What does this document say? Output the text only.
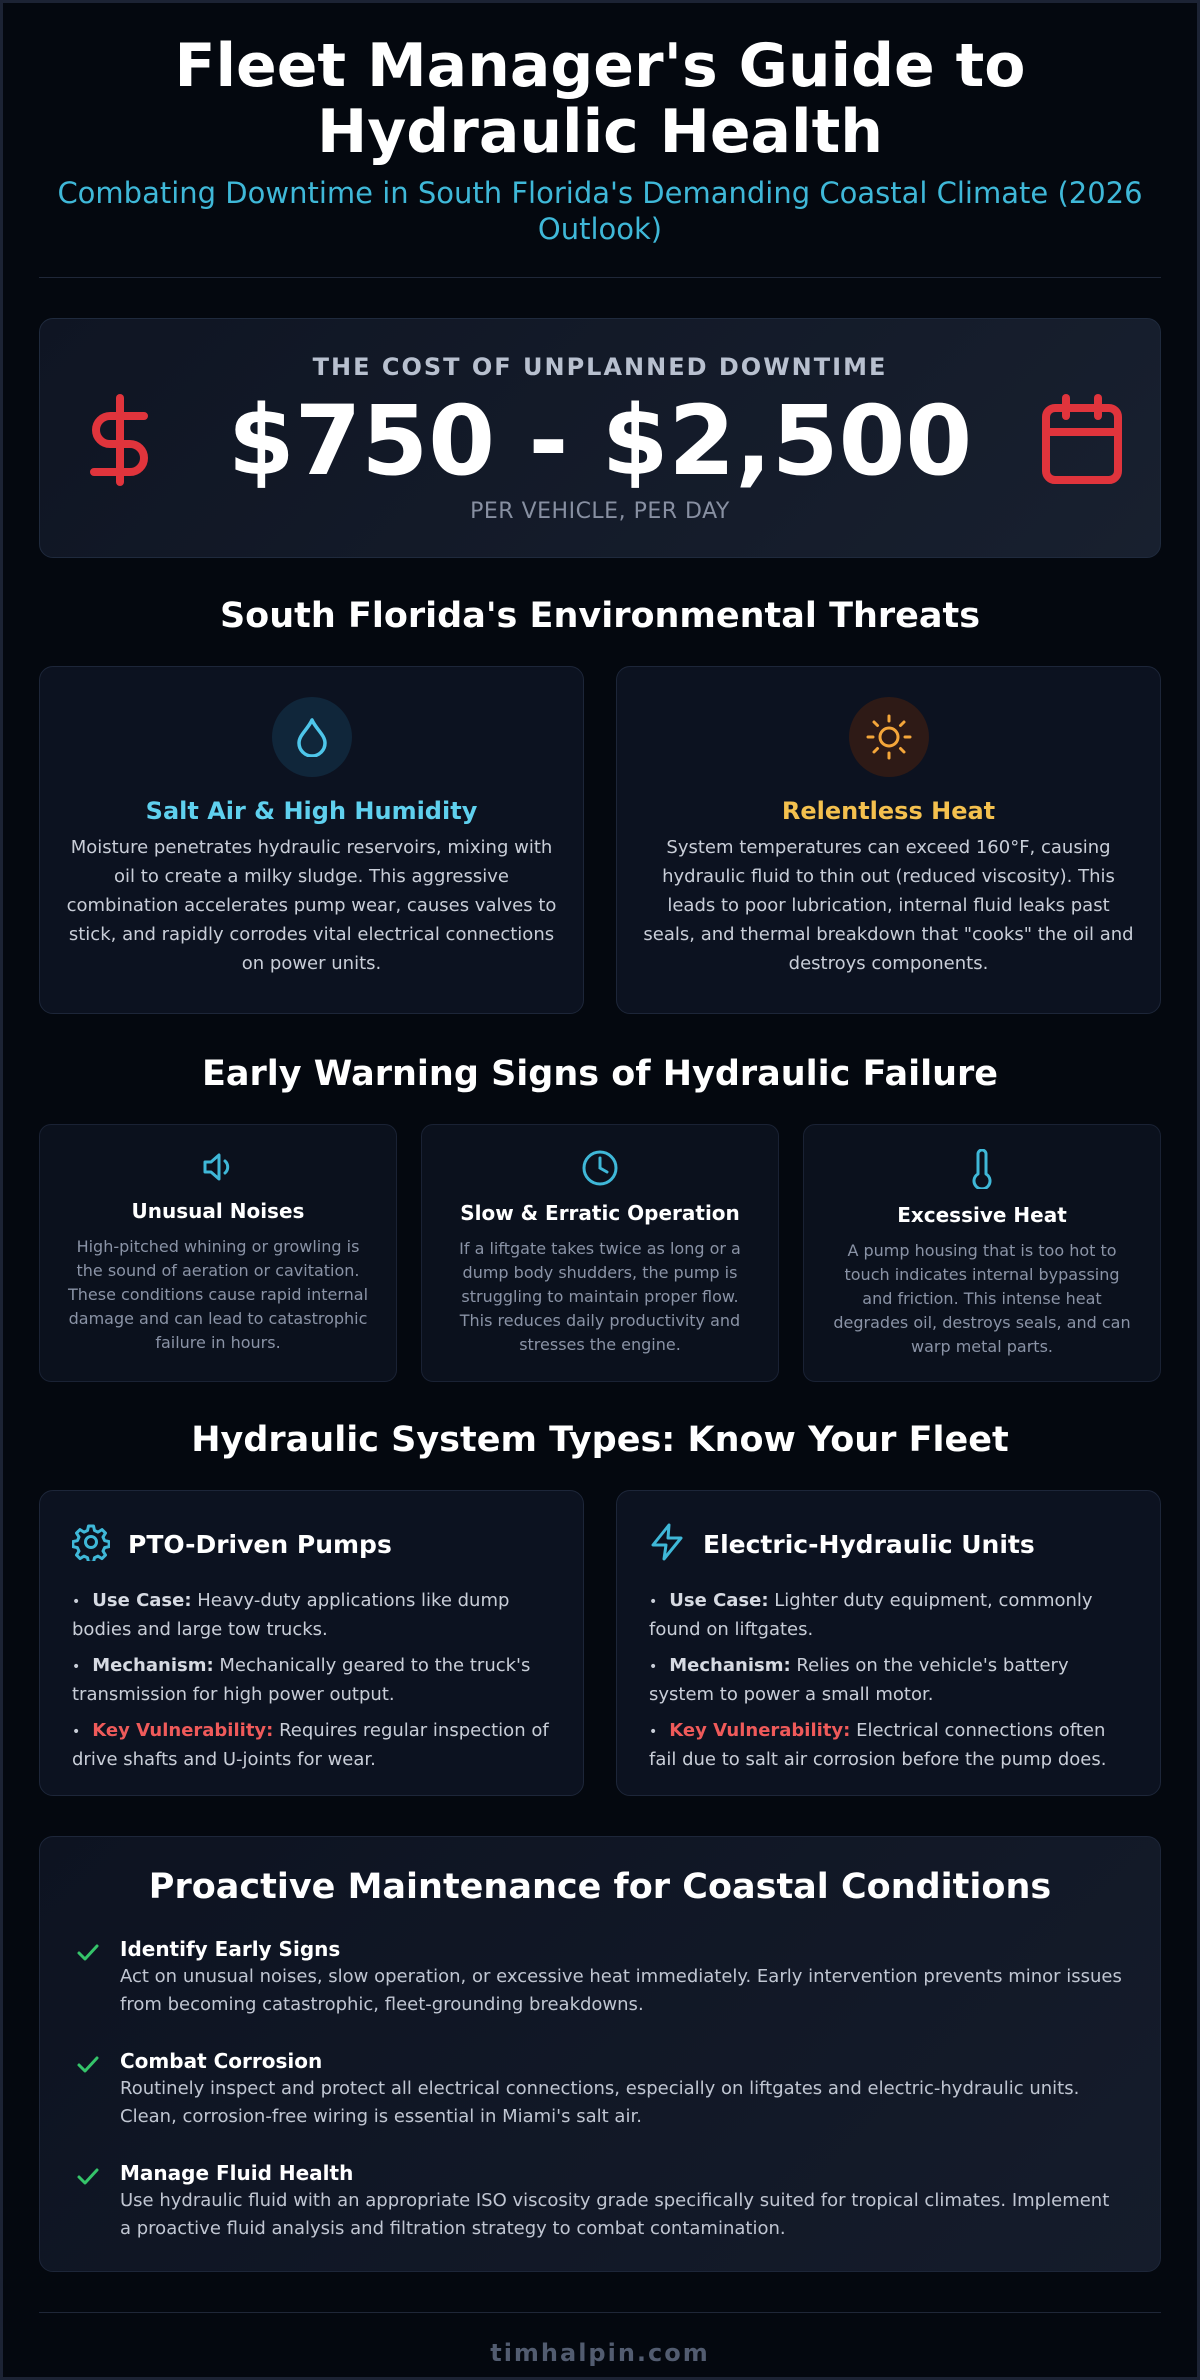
Fleet Manager's Guide to Hydraulic Health
Combating Downtime in South Florida's Demanding Coastal Climate (2026 Outlook)
THE COST OF UNPLANNED DOWNTIME
$750 - $2,500
PER VEHICLE, PER DAY
South Florida's Environmental Threats
Salt Air & High Humidity
Moisture penetrates hydraulic reservoirs, mixing with oil to create a milky sludge. This aggressive combination accelerates pump wear, causes valves to stick, and rapidly corrodes vital electrical connections on power units.
Relentless Heat
System temperatures can exceed 160°F, causing hydraulic fluid to thin out (reduced viscosity). This leads to poor lubrication, internal fluid leaks past seals, and thermal breakdown that "cooks" the oil and destroys components.
Early Warning Signs of Hydraulic Failure
Unusual Noises
High-pitched whining or growling is the sound of aeration or cavitation. These conditions cause rapid internal damage and can lead to catastrophic failure in hours.
Slow & Erratic Operation
If a liftgate takes twice as long or a dump body shudders, the pump is struggling to maintain proper flow. This reduces daily productivity and stresses the engine.
Excessive Heat
A pump housing that is too hot to touch indicates internal bypassing and friction. This intense heat degrades oil, destroys seals, and can warp metal parts.
Hydraulic System Types: Know Your Fleet
PTO-Driven Pumps
• Use Case: Heavy-duty applications like dump bodies and large tow trucks.
• Mechanism: Mechanically geared to the truck's transmission for high power output.
• Key Vulnerability: Requires regular inspection of drive shafts and U-joints for wear.
Electric-Hydraulic Units
• Use Case: Lighter duty equipment, commonly found on liftgates.
• Mechanism: Relies on the vehicle's battery system to power a small motor.
• Key Vulnerability: Electrical connections often fail due to salt air corrosion before the pump does.
Proactive Maintenance for Coastal Conditions
Identify Early Signs
Act on unusual noises, slow operation, or excessive heat immediately. Early intervention prevents minor issues from becoming catastrophic, fleet-grounding breakdowns.
Combat Corrosion
Routinely inspect and protect all electrical connections, especially on liftgates and electric-hydraulic units. Clean, corrosion-free wiring is essential in Miami's salt air.
Manage Fluid Health
Use hydraulic fluid with an appropriate ISO viscosity grade specifically suited for tropical climates. Implement a proactive fluid analysis and filtration strategy to combat contamination.
timhalpin.com
